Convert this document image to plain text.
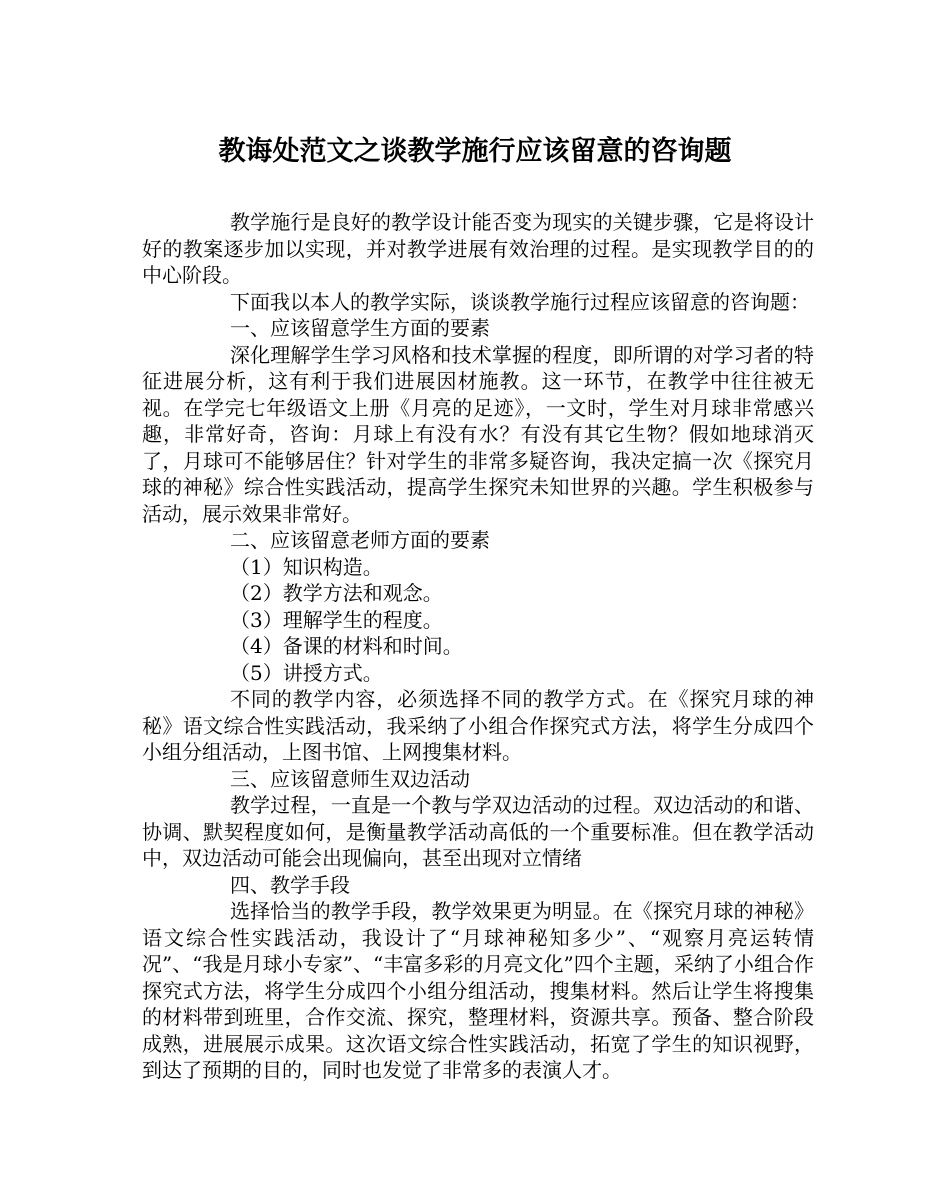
教诲处范文之谈教学施行应该留意的咨询题

教学施行是良好的教学设计能否变为现实的关键步骤，它是将设计好的教案逐步加以实现，并对教学进展有效治理的过程。是实现教学目的的中心阶段。

下面我以本人的教学实际，谈谈教学施行过程应该留意的咨询题：

一、应该留意学生方面的要素

深化理解学生学习风格和技术掌握的程度，即所谓的对学习者的特征进展分析，这有利于我们进展因材施教。这一环节，在教学中往往被无视。在学完七年级语文上册《月亮的足迹》，一文时，学生对月球非常感兴趣，非常好奇，咨询：月球上有没有水？有没有其它生物？假如地球消灭了，月球可不能够居住？针对学生的非常多疑咨询，我决定搞一次《探究月球的神秘》综合性实践活动，提高学生探究未知世界的兴趣。学生积极参与活动，展示效果非常好。

二、应该留意老师方面的要素

（1）知识构造。

（2）教学方法和观念。

（3）理解学生的程度。

（4）备课的材料和时间。

（5）讲授方式。

不同的教学内容，必须选择不同的教学方式。在《探究月球的神秘》语文综合性实践活动，我采纳了小组合作探究式方法，将学生分成四个小组分组活动，上图书馆、上网搜集材料。

三、应该留意师生双边活动

教学过程，一直是一个教与学双边活动的过程。双边活动的和谐、协调、默契程度如何，是衡量教学活动高低的一个重要标准。但在教学活动中，双边活动可能会出现偏向，甚至出现对立情绪

四、教学手段

选择恰当的教学手段，教学效果更为明显。在《探究月球的神秘》语文综合性实践活动，我设计了“月球神秘知多少”、“观察月亮运转情况”、“我是月球小专家”、“丰富多彩的月亮文化”四个主题，采纳了小组合作探究式方法，将学生分成四个小组分组活动，搜集材料。然后让学生将搜集的材料带到班里，合作交流、探究，整理材料，资源共享。预备、整合阶段成熟，进展展示成果。这次语文综合性实践活动，拓宽了学生的知识视野，到达了预期的目的，同时也发觉了非常多的表演人才。
